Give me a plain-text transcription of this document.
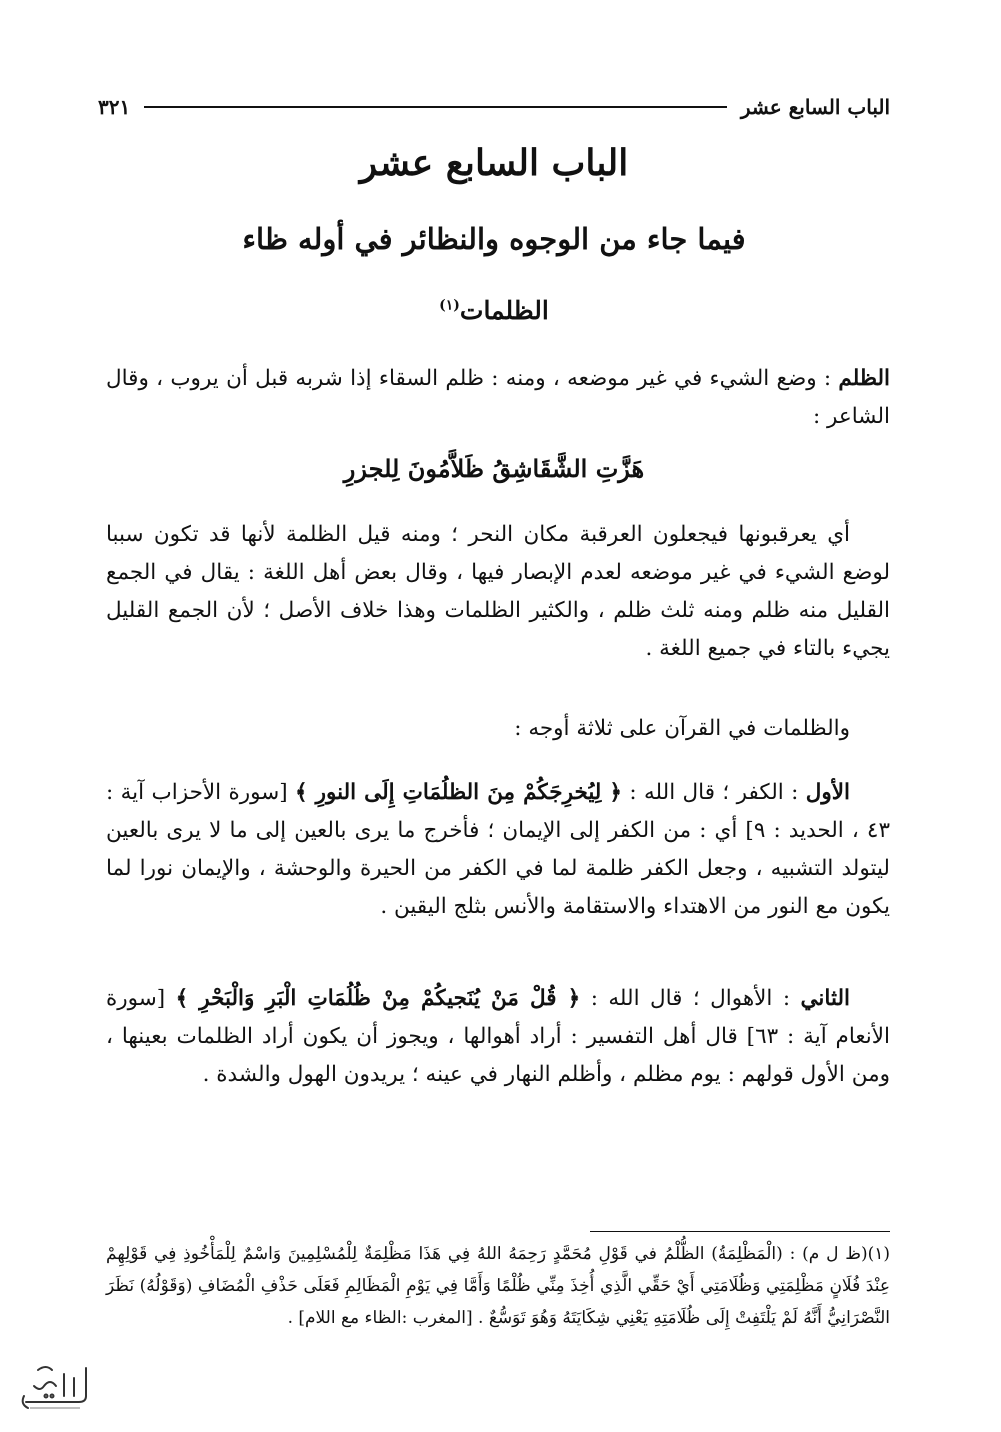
الباب السابع عشر
٣٢١
الباب السابع عشر
فيما جاء من الوجوه والنظائر في أوله ظاء
الظلمات$^{(١)}$

الظلم : وضع الشيء في غير موضعه ، ومنه : ظلم السقاء إذا شربه قبل أن يروب ، وقال الشاعر :

هَزَّتِ الشَّقَاشِقُ ظَلاَّمُونَ لِلجزرِ

أي يعرقبونها فيجعلون العرقبة مكان النحر ؛ ومنه قيل الظلمة لأنها قد تكون سببا لوضع الشيء في غير موضعه لعدم الإبصار فيها ، وقال بعض أهل اللغة : يقال في الجمع القليل منه ظلم ومنه ثلث ظلم ، والكثير الظلمات وهذا خلاف الأصل ؛ لأن الجمع القليل يجيء بالتاء في جميع اللغة .

والظلمات في القرآن على ثلاثة أوجه :

الأول : الكفر ؛ قال الله : ﴿ لِيُخرِجَكُمْ مِنَ الظلُمَاتِ إِلَى النورِ ﴾ [سورة الأحزاب آية : ٤٣ ، الحديد : ٩] أي : من الكفر إلى الإيمان ؛ فأخرج ما يرى بالعين إلى ما لا يرى بالعين ليتولد التشبيه ، وجعل الكفر ظلمة لما في الكفر من الحيرة والوحشة ، والإيمان نورا لما يكون مع النور من الاهتداء والاستقامة والأنس بثلج اليقين .

الثاني : الأهوال ؛ قال الله : ﴿ قُلْ مَنْ يُنَجيكُمْ مِنْ ظُلُمَاتِ الْبَرِ وَالْبَحْرِ ﴾ [سورة الأنعام آية : ٦٣] قال أهل التفسير : أراد أهوالها ، ويجوز أن يكون أراد الظلمات بعينها ، ومن الأول قولهم : يوم مظلم ، وأظلم النهار في عينه ؛ يريدون الهول والشدة .

(١)(ظ ل م) : (الْمَظْلِمَةُ) الظُّلْمُ في قَوْلِ مُحَمَّدٍ رَحِمَهُ اللهُ فِي هَذَا مَظْلِمَةٌ لِلْمُسْلِمِينَ وَاسْمٌ لِلْمَأْخُوذِ فِي قَوْلِهِمْ عِنْدَ فُلَانٍ مَظْلِمَتِي وَظُلَامَتِي أَيْ حَقِّي الَّذِي أُخِذَ مِنِّي ظُلْمًا وَأَمَّا فِي يَوْمِ الْمَظَالِمِ فَعَلَى حَذْفِ الْمُضَافِ (وَقَوْلُهُ) نَظَرَ النَّصْرَانِيُّ أَنَّهُ لَمْ يَلْتَفِتْ إِلَى ظُلَامَتِهِ يَعْنِي شِكَايَتَهُ وَهُوَ تَوَسُّعٌ . [المغرب :الظاء مع اللام] .
